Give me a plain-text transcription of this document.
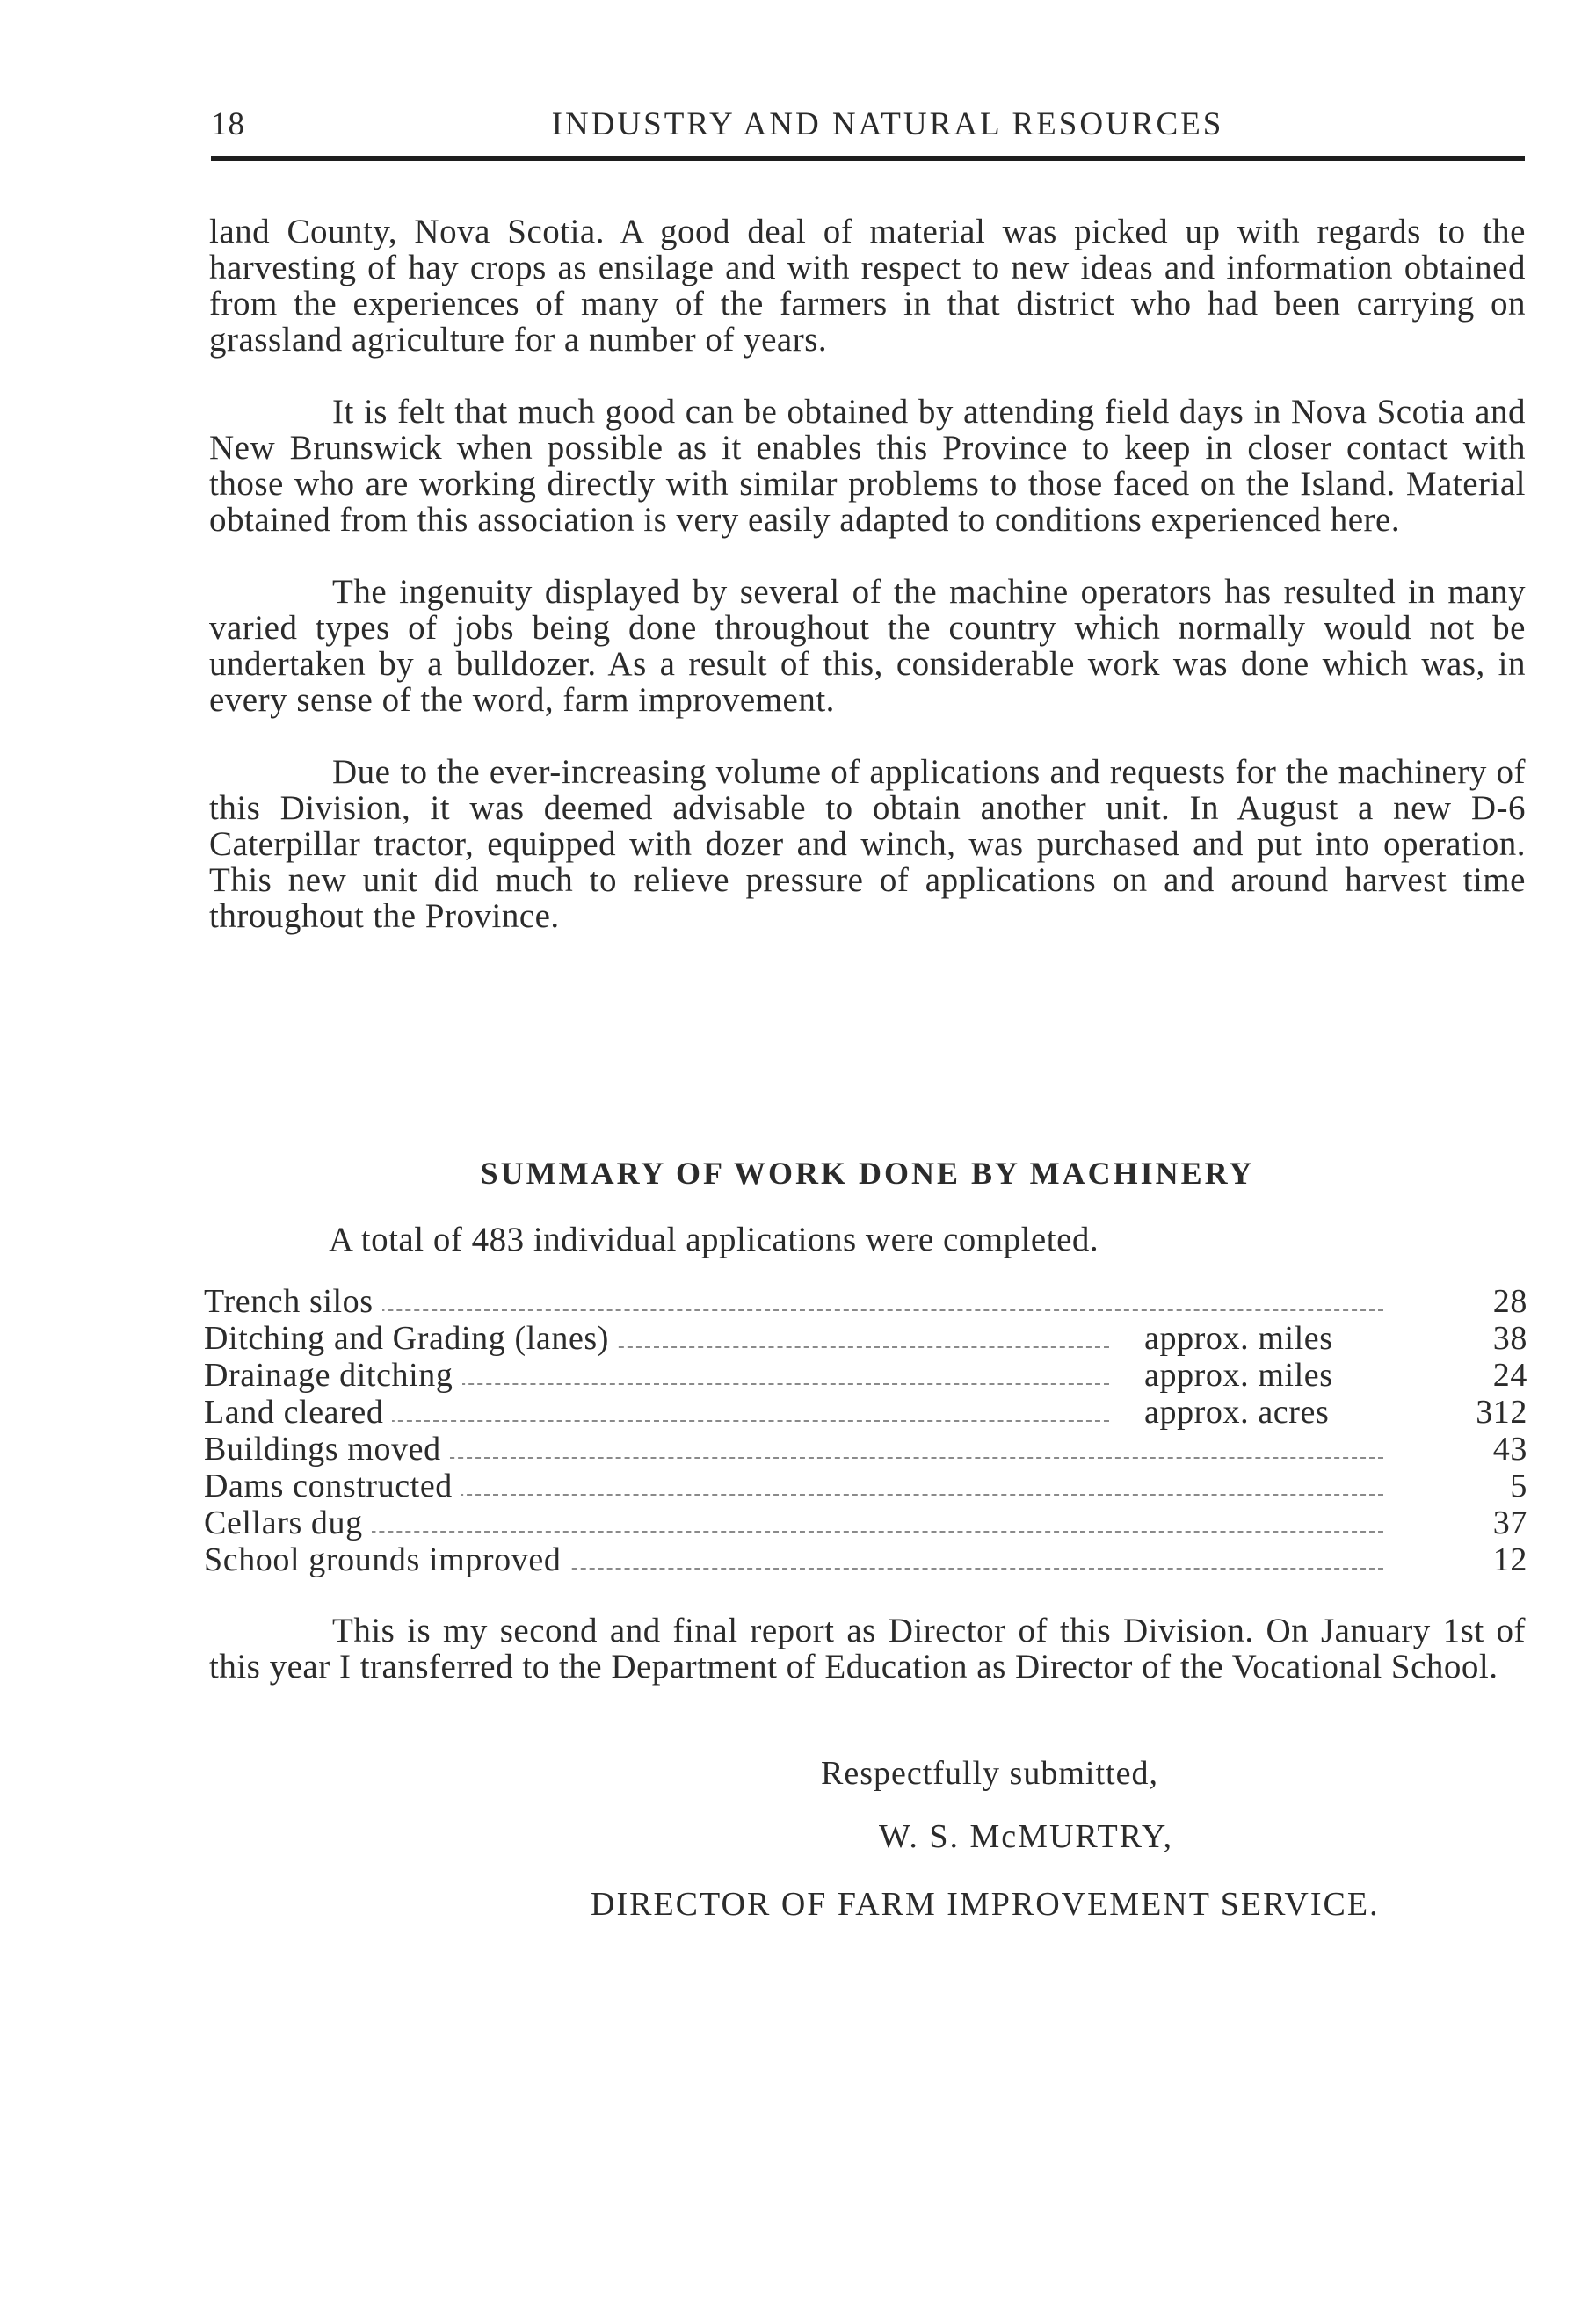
18	INDUSTRY AND NATURAL RESOURCES

land County, Nova Scotia. A good deal of material was picked up with regards to the harvesting of hay crops as ensilage and with respect to new ideas and information obtained from the experiences of many of the farmers in that district who had been carrying on grassland agriculture for a number of years.

It is felt that much good can be obtained by attending field days in Nova Scotia and New Brunswick when possible as it enables this Province to keep in closer contact with those who are working directly with similar problems to those faced on the Island. Material obtained from this association is very easily adapted to conditions experienced here.

The ingenuity displayed by several of the machine operators has resulted in many varied types of jobs being done throughout the country which normally would not be undertaken by a bulldozer. As a result of this, considerable work was done which was, in every sense of the word, farm improvement.

Due to the ever-increasing volume of applications and requests for the machinery of this Division, it was deemed advisable to obtain another unit. In August a new D-6 Caterpillar tractor, equipped with dozer and winch, was purchased and put into operation. This new unit did much to relieve pressure of applications on and around harvest time throughout the Province.

SUMMARY OF WORK DONE BY MACHINERY
A total of 483 individual applications were completed.
Trench silos	28
Ditching and Grading (lanes)	approx. miles	38
Drainage ditching	approx. miles	24
Land cleared	approx. acres	312
Buildings moved	43
Dams constructed	5
Cellars dug	37
School grounds improved	12

This is my second and final report as Director of this Division. On January 1st of this year I transferred to the Department of Education as Director of the Vocational School.

Respectfully submitted,
W. S. McMURTRY,
DIRECTOR OF FARM IMPROVEMENT SERVICE.
